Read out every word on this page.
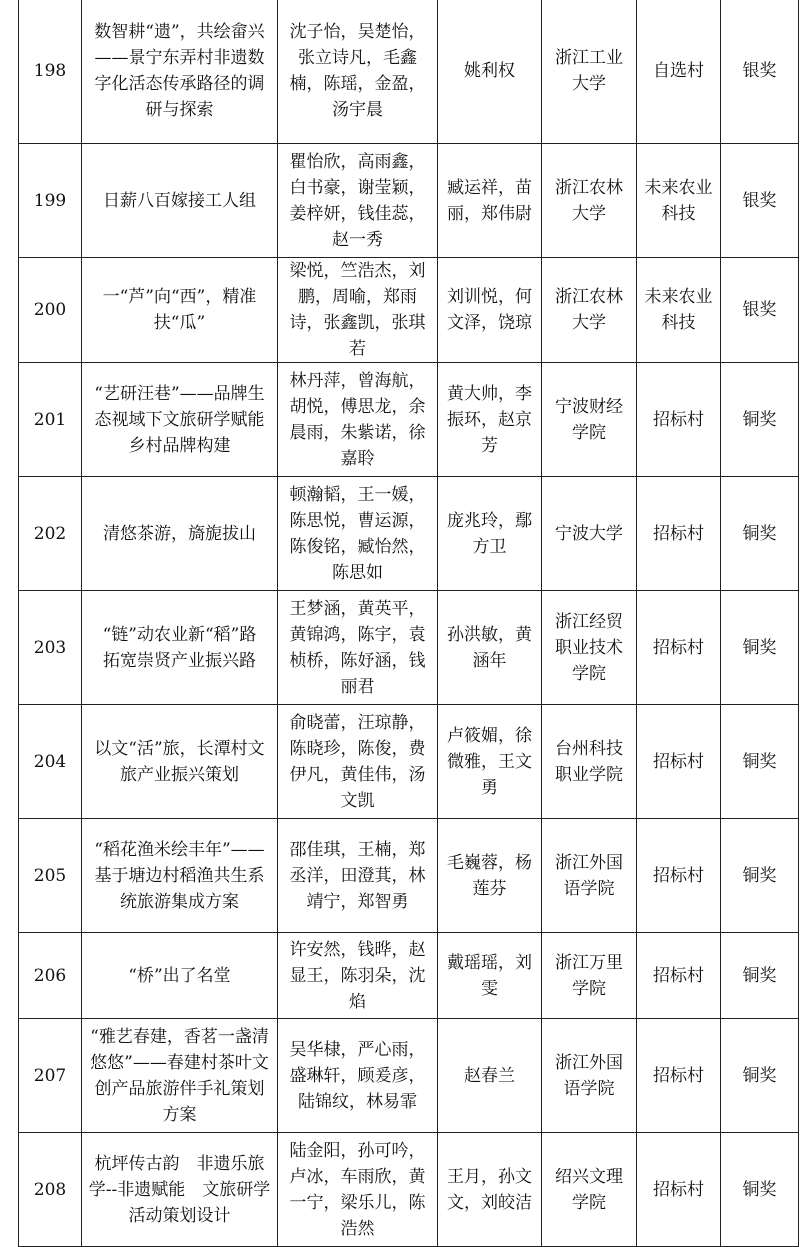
198	数智耕“遗”，共绘畲兴——景宁东弄村非遗数字化活态传承路径的调研与探索	沈子怡，吴楚怡，张立诗凡，毛鑫楠，陈瑶，金盈，汤宇晨	姚利权	浙江工业大学	自选村	银奖
199	日薪八百嫁接工人组	瞿怡欣，高雨鑫，白书豪，谢莹颖，姜梓妍，钱佳蕊，赵一秀	臧运祥，苗丽，郑伟尉	浙江农林大学	未来农业科技	银奖
200	一“芦”向“西”，精准扶“瓜”	梁悦，竺浩杰，刘鹏，周喻，郑雨诗，张鑫凯，张琪若	刘训悦，何文泽，饶琼	浙江农林大学	未来农业科技	银奖
201	“艺研汪巷”——品牌生态视域下文旅研学赋能乡村品牌构建	林丹萍，曾海航，胡悦，傅思龙，余晨雨，朱紫诺，徐嘉聆	黄大帅，李振环，赵京芳	宁波财经学院	招标村	铜奖
202	清悠茶游，旖旎拔山	顿瀚韬，王一媛，陈思悦，曹运源，陈俊铭，臧怡然，陈思如	庞兆玲，鄢方卫	宁波大学	招标村	铜奖
203	“链”动农业新“稻”路　拓宽崇贤产业振兴路	王梦涵，黄英平，黄锦鸿，陈宇，袁桢桥，陈妤涵，钱丽君	孙洪敏，黄涵年	浙江经贸职业技术学院	招标村	铜奖
204	以文“活”旅，长潭村文旅产业振兴策划	俞晓蕾，汪琼静，陈晓珍，陈俊，费伊凡，黄佳伟，汤文凯	卢筱媚，徐微雅，王文勇	台州科技职业学院	招标村	铜奖
205	“稻花渔米绘丰年”——基于塘边村稻渔共生系统旅游集成方案	邵佳琪，王楠，郑丞洋，田澄萁，林靖宁，郑智勇	毛巍蓉，杨莲芬	浙江外国语学院	招标村	铜奖
206	“桥”出了名堂	许安然，钱晔，赵显王，陈羽朵，沈焰	戴瑶瑶，刘雯	浙江万里学院	招标村	铜奖
207	“雅艺春建，香茗一盏清悠悠”——春建村茶叶文创产品旅游伴手礼策划方案	吴华棣，严心雨，盛琳轩，顾爰彦，陆锦纹，林易霏	赵春兰	浙江外国语学院	招标村	铜奖
208	杭坪传古韵　非遗乐旅学--非遗赋能　文旅研学活动策划设计	陆金阳，孙可吟，卢冰，车雨欣，黄一宁，梁乐儿，陈浩然	王月，孙文文，刘皎洁	绍兴文理学院	招标村	铜奖
